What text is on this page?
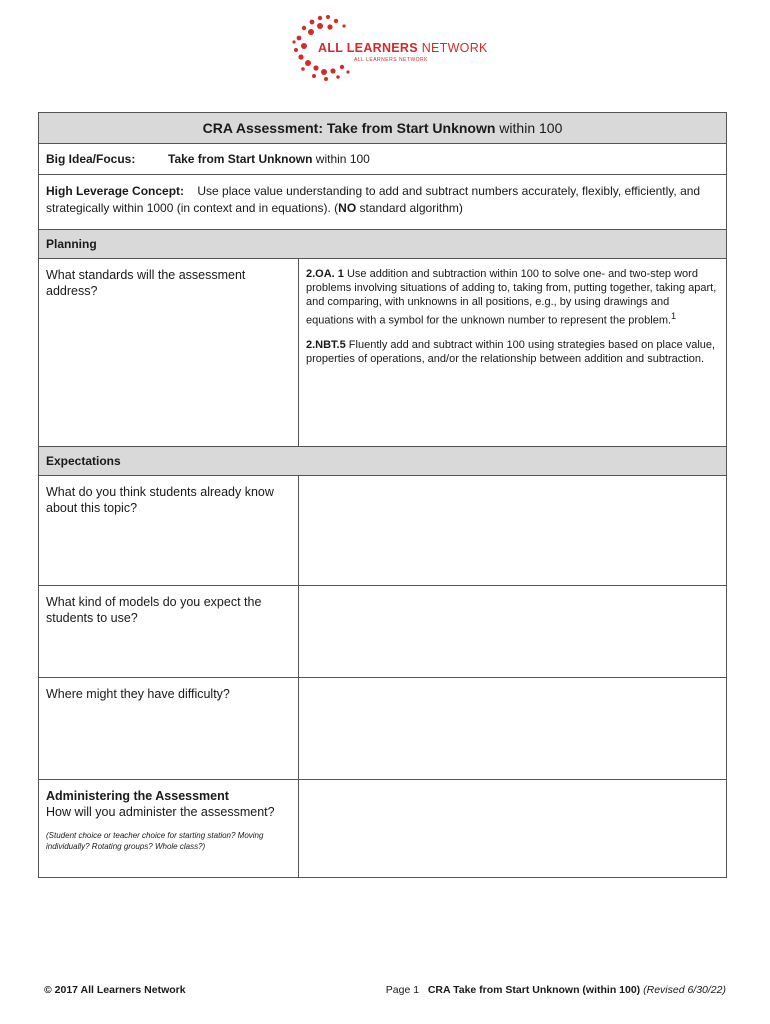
ALL LEARNERS NETWORK
ALL LEARNERS NETWORK
CRA Assessment: Take from Start Unknown within 100	
Big Idea/Focus: Take from Start Unknown within 100	
High Leverage Concept: Use place value understanding to add and subtract numbers accurately, flexibly, efficiently, and strategically within 1000 (in context and in equations). (NO standard algorithm)	
Planning	
What standards will the assessment address?	2.OA. 1 Use addition and subtraction within 100 to solve one- and two-step word problems involving situations of adding to, taking from, putting together, taking apart, and comparing, with unknowns in all positions, e.g., by using drawings and equations with a symbol for the unknown number to represent the problem.$^1$

2.NBT.5 Fluently add and subtract within 100 using strategies based on place value, properties of operations, and/or the relationship between addition and subtraction.

Expectations	
What do you think students already know about this topic?	
What kind of models do you expect the students to use?	
Where might they have difficulty?	
Administering the Assessment
How will you administer the assessment?
(Student choice or teacher choice for starting station? Moving individually? Rotating groups? Whole class?)	

© 2017 All Learners Network	Page 1 CRA Take from Start Unknown (within 100) (Revised 6/30/22)
